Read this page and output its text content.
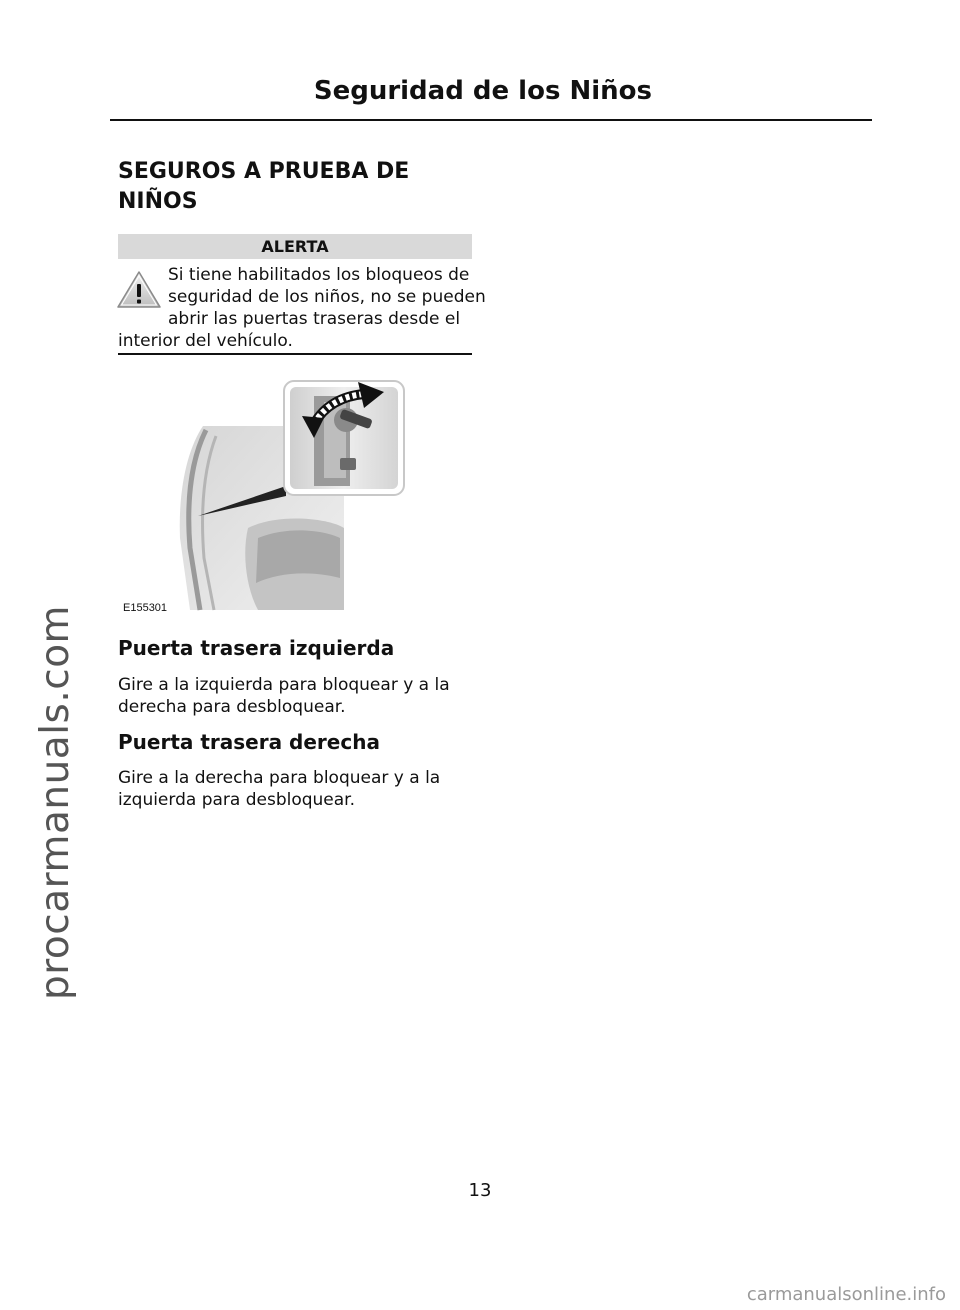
procarmanuals.com
Seguridad de los Niños
SEGUROS A PRUEBA DE NIÑOS
ALERTA
Si tiene habilitados los bloqueos de
seguridad de los niños, no se pueden
abrir las puertas traseras desde el
interior del vehículo.
E155301
Puerta trasera izquierda
Gire a la izquierda para bloquear y a la
derecha para desbloquear.
Puerta trasera derecha
Gire a la derecha para bloquear y a la
izquierda para desbloquear.
13
carmanualsonline.info
